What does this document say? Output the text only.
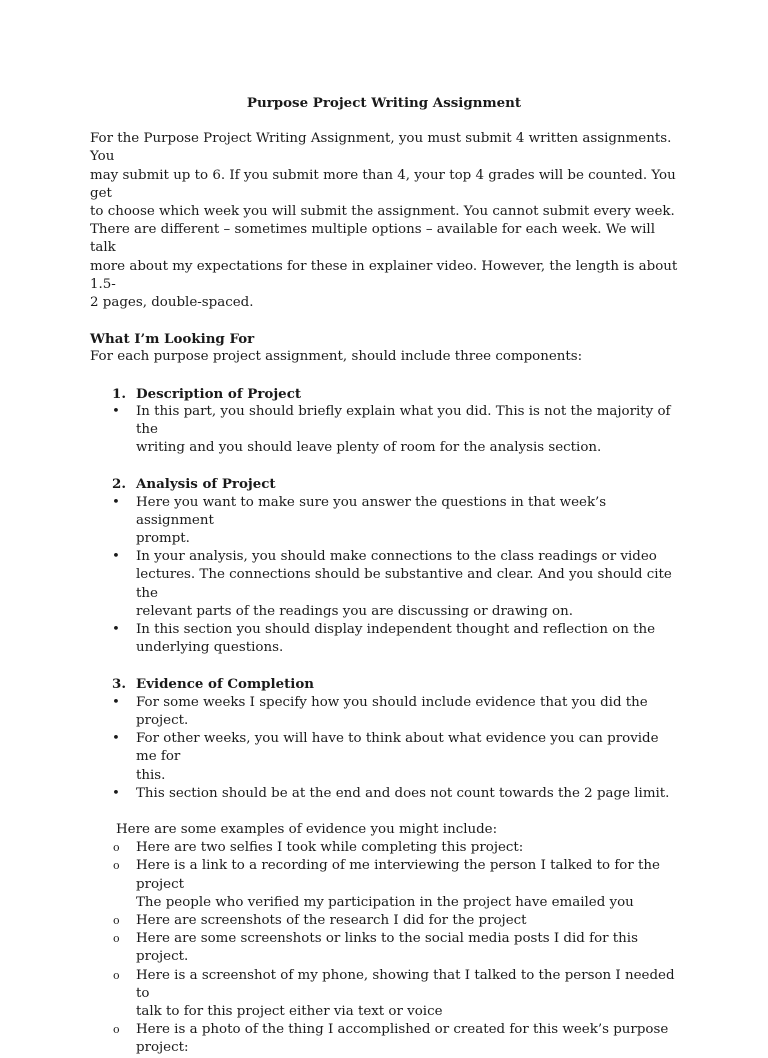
Purpose Project Writing Assignment
For the Purpose Project Writing Assignment, you must submit 4 written assignments. You
may submit up to 6. If you submit more than 4, your top 4 grades will be counted. You get
to choose which week you will submit the assignment. You cannot submit every week.
There are different – sometimes multiple options – available for each week. We will talk
more about my expectations for these in explainer video. However, the length is about 1.5-
2 pages, double-spaced.
What I’m Looking For
For each purpose project assignment, should include three components:
1. Description of Project
• In this part, you should briefly explain what you did. This is not the majority of the
writing and you should leave plenty of room for the analysis section.
2. Analysis of Project
• Here you want to make sure you answer the questions in that week’s assignment
prompt.
• In your analysis, you should make connections to the class readings or video
lectures. The connections should be substantive and clear. And you should cite the
relevant parts of the readings you are discussing or drawing on.
• In this section you should display independent thought and reflection on the
underlying questions.
3. Evidence of Completion
• For some weeks I specify how you should include evidence that you did the project.
• For other weeks, you will have to think about what evidence you can provide me for
this.
• This section should be at the end and does not count towards the 2 page limit.
Here are some examples of evidence you might include:
o Here are two selfies I took while completing this project:
o Here is a link to a recording of me interviewing the person I talked to for the project
The people who verified my participation in the project have emailed you
o Here are screenshots of the research I did for the project
o Here are some screenshots or links to the social media posts I did for this project.
o Here is a screenshot of my phone, showing that I talked to the person I needed to
talk to for this project either via text or voice
o Here is a photo of the thing I accomplished or created for this week’s purpose
project:
